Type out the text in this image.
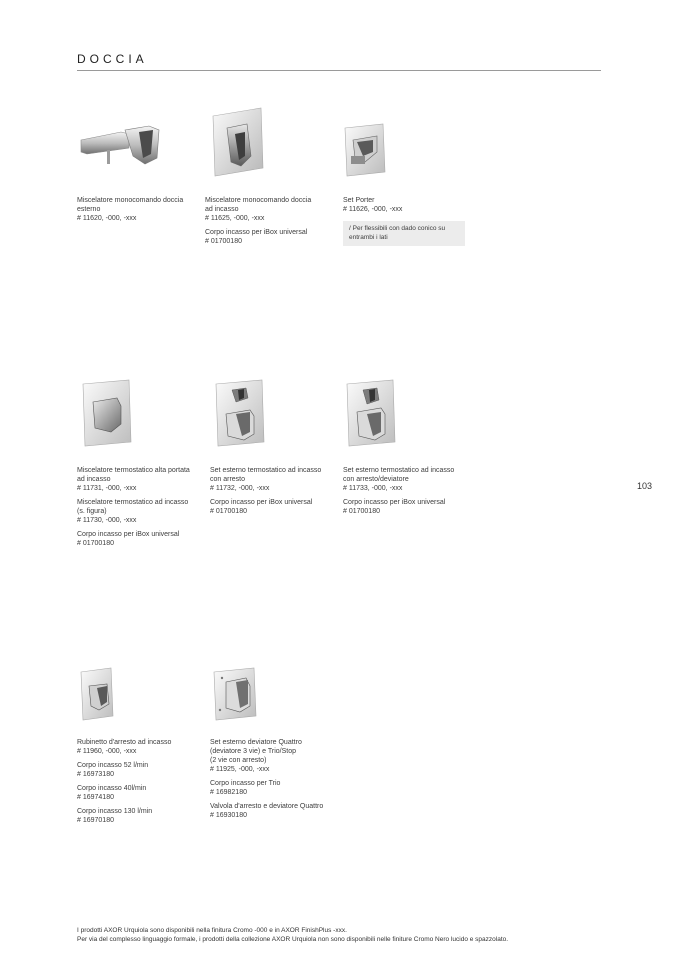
DOCCIA
103
Miscelatore monocomando doccia
esterno
# 11620, -000, -xxx
Miscelatore monocomando doccia
ad incasso
# 11625, -000, -xxx
Corpo incasso per iBox universal
# 01700180
Set Porter
# 11626, -000, -xxx
/ Per flessibili con dado conico su
entrambi i lati
Miscelatore termostatico alta portata
ad incasso
# 11731, -000, -xxx
Miscelatore termostatico ad incasso
(s. figura)
# 11730, -000, -xxx
Corpo incasso per iBox universal
# 01700180
Set esterno termostatico ad incasso
con arresto
# 11732, -000, -xxx
Corpo incasso per iBox universal
# 01700180
Set esterno termostatico ad incasso
con arresto/deviatore
# 11733, -000, -xxx
Corpo incasso per iBox universal
# 01700180
Rubinetto d'arresto ad incasso
# 11960, -000, -xxx
Corpo incasso 52 l/min
# 16973180
Corpo incasso 40l/min
# 16974180
Corpo incasso 130 l/min
# 16970180
Set esterno deviatore Quattro
(deviatore 3 vie) e Trio/Stop
(2 vie con arresto)
# 11925, -000, -xxx
Corpo incasso per Trio
# 16982180
Valvola d'arresto e deviatore Quattro
# 16930180
I prodotti AXOR Urquiola sono disponibili nella finitura Cromo -000 e in AXOR FinishPlus -xxx.
Per via del complesso linguaggio formale, i prodotti della collezione AXOR Urquiola non sono disponibili nelle finiture Cromo Nero lucido e spazzolato.
